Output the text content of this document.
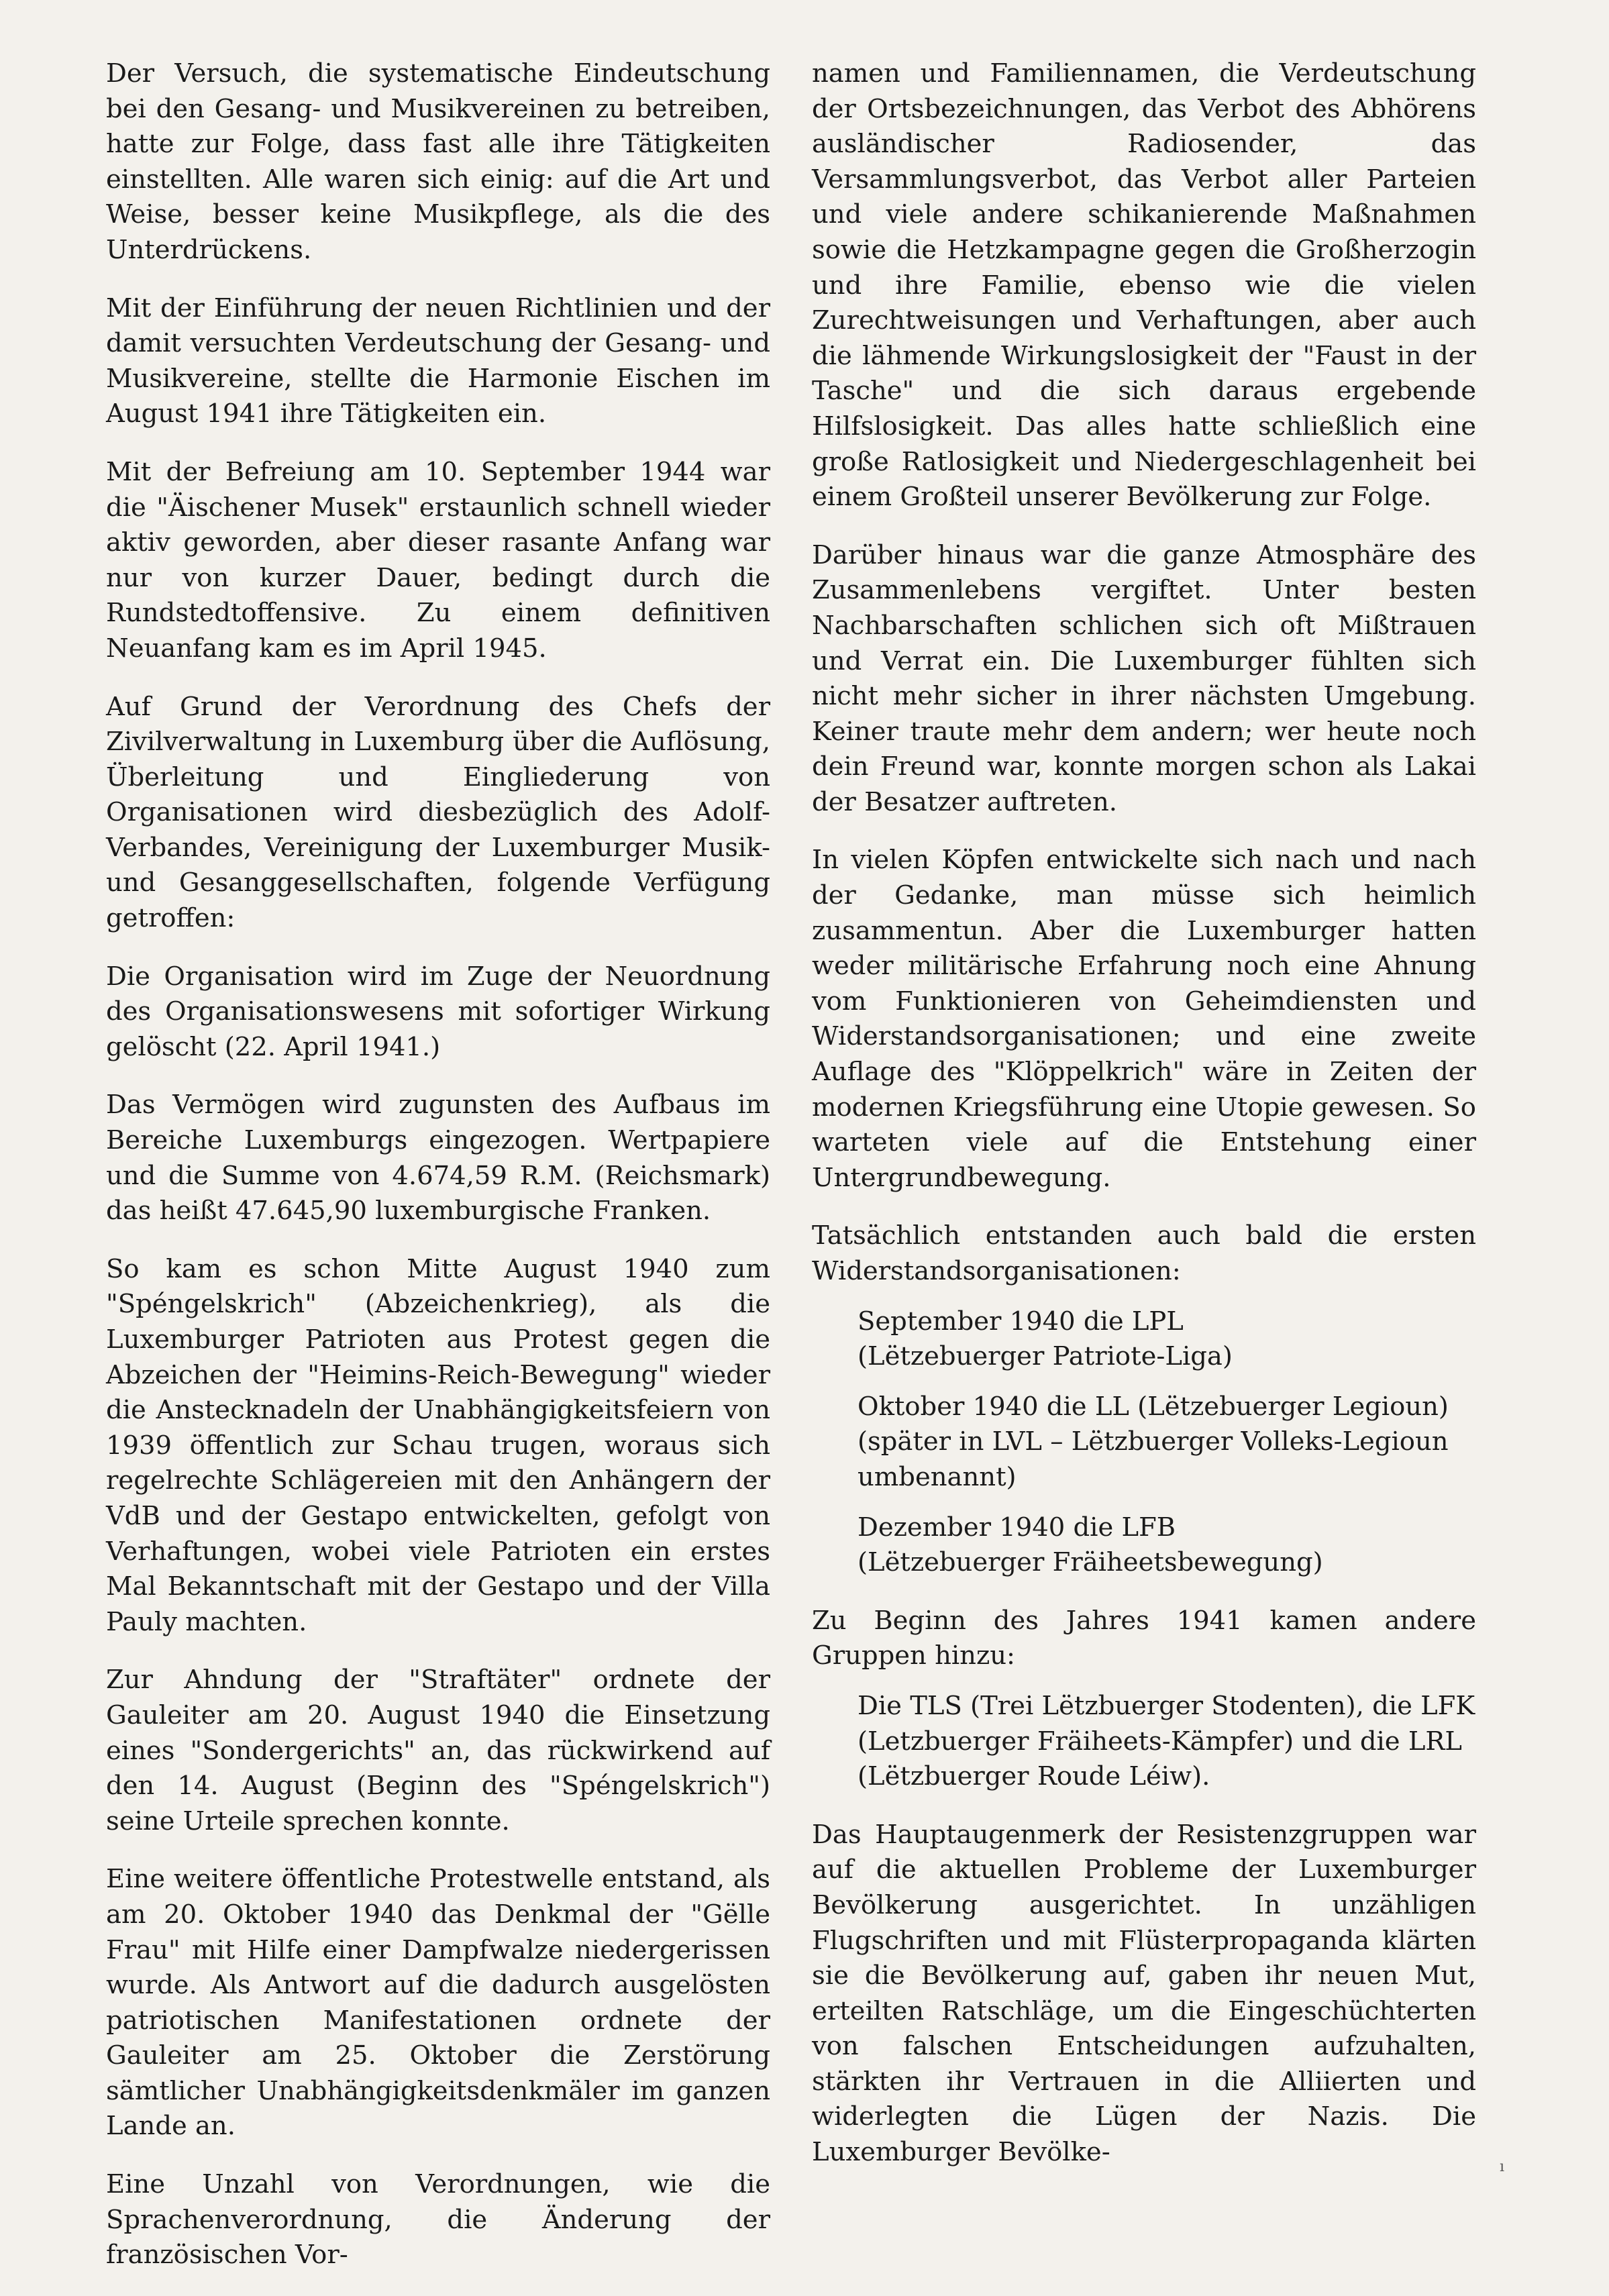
Der Versuch, die systematische Eindeutschung bei den Gesang- und Musikvereinen zu betreiben, hatte zur Folge, dass fast alle ihre Tätigkeiten einstellten. Alle waren sich einig: auf die Art und Weise, besser keine Musikpflege, als die des Unterdrückens.

Mit der Einführung der neuen Richtlinien und der damit versuchten Verdeutschung der Gesang- und Musikvereine, stellte die Harmonie Eischen im August 1941 ihre Tätigkeiten ein.

Mit der Befreiung am 10. September 1944 war die "Äischener Musek" erstaunlich schnell wieder aktiv geworden, aber dieser rasante Anfang war nur von kurzer Dauer, bedingt durch die Rundstedtoffensive. Zu einem definitiven Neuanfang kam es im April 1945.

Auf Grund der Verordnung des Chefs der Zivilverwaltung in Luxemburg über die Auflösung, Überleitung und Eingliederung von Organisationen wird diesbezüglich des Adolf-Verbandes, Vereinigung der Luxemburger Musik- und Gesanggesellschaften, folgende Verfügung getroffen:

Die Organisation wird im Zuge der Neuordnung des Organisationswesens mit sofortiger Wirkung gelöscht (22. April 1941.)

Das Vermögen wird zugunsten des Aufbaus im Bereiche Luxemburgs eingezogen. Wertpapiere und die Summe von 4.674,59 R.M. (Reichsmark) das heißt 47.645,90 luxemburgische Franken.

So kam es schon Mitte August 1940 zum "Spéngelskrich" (Abzeichenkrieg), als die Luxemburger Patrioten aus Protest gegen die Abzeichen der "Heimins-Reich-Bewegung" wieder die Anstecknadeln der Unabhängigkeitsfeiern von 1939 öffentlich zur Schau trugen, woraus sich regelrechte Schlägereien mit den Anhängern der VdB und der Gestapo entwickelten, gefolgt von Verhaftungen, wobei viele Patrioten ein erstes Mal Bekanntschaft mit der Gestapo und der Villa Pauly machten.

Zur Ahndung der "Straftäter" ordnete der Gauleiter am 20. August 1940 die Einsetzung eines "Sondergerichts" an, das rückwirkend auf den 14. August (Beginn des "Spéngelskrich") seine Urteile sprechen konnte.

Eine weitere öffentliche Protestwelle entstand, als am 20. Oktober 1940 das Denkmal der "Gëlle Frau" mit Hilfe einer Dampfwalze niedergerissen wurde. Als Antwort auf die dadurch ausgelösten patriotischen Manifestationen ordnete der Gauleiter am 25. Oktober die Zerstörung sämtlicher Unabhängigkeitsdenkmäler im ganzen Lande an.

Eine Unzahl von Verordnungen, wie die Sprachenverordnung, die Änderung der französischen Vor-

namen und Familiennamen, die Verdeutschung der Ortsbezeichnungen, das Verbot des Abhörens ausländischer Radiosender, das Versammlungsverbot, das Verbot aller Parteien und viele andere schikanierende Maßnahmen sowie die Hetzkampagne gegen die Großherzogin und ihre Familie, ebenso wie die vielen Zurechtweisungen und Verhaftungen, aber auch die lähmende Wirkungslosigkeit der "Faust in der Tasche" und die sich daraus ergebende Hilfslosigkeit. Das alles hatte schließlich eine große Ratlosigkeit und Niedergeschlagenheit bei einem Großteil unserer Bevölkerung zur Folge.

Darüber hinaus war die ganze Atmosphäre des Zusammenlebens vergiftet. Unter besten Nachbarschaften schlichen sich oft Mißtrauen und Verrat ein. Die Luxemburger fühlten sich nicht mehr sicher in ihrer nächsten Umgebung. Keiner traute mehr dem andern; wer heute noch dein Freund war, konnte morgen schon als Lakai der Besatzer auftreten.

In vielen Köpfen entwickelte sich nach und nach der Gedanke, man müsse sich heimlich zusammentun. Aber die Luxemburger hatten weder militärische Erfahrung noch eine Ahnung vom Funktionieren von Geheimdiensten und Widerstandsorganisationen; und eine zweite Auflage des "Klöppelkrich" wäre in Zeiten der modernen Kriegsführung eine Utopie gewesen. So warteten viele auf die Entstehung einer Untergrundbewegung.

Tatsächlich entstanden auch bald die ersten Widerstandsorganisationen:

September 1940 die LPL
(Lëtzebuerger Patriote-Liga)
Oktober 1940 die LL (Lëtzebuerger Legioun)
(später in LVL – Lëtzbuerger Volleks-Legioun umbenannt)
Dezember 1940 die LFB
(Lëtzebuerger Fräiheetsbewegung)

Zu Beginn des Jahres 1941 kamen andere Gruppen hinzu:

Die TLS (Trei Lëtzbuerger Stodenten), die LFK (Letzbuerger Fräiheets-Kämpfer) und die LRL (Lëtzbuerger Roude Léiw).

Das Hauptaugenmerk der Resistenzgruppen war auf die aktuellen Probleme der Luxemburger Bevölkerung ausgerichtet. In unzähligen Flugschriften und mit Flüsterpropaganda klärten sie die Bevölkerung auf, gaben ihr neuen Mut, erteilten Ratschläge, um die Eingeschüchterten von falschen Entscheidungen aufzuhalten, stärkten ihr Vertrauen in die Alliierten und widerlegten die Lügen der Nazis. Die Luxemburger Bevölke-	ı
